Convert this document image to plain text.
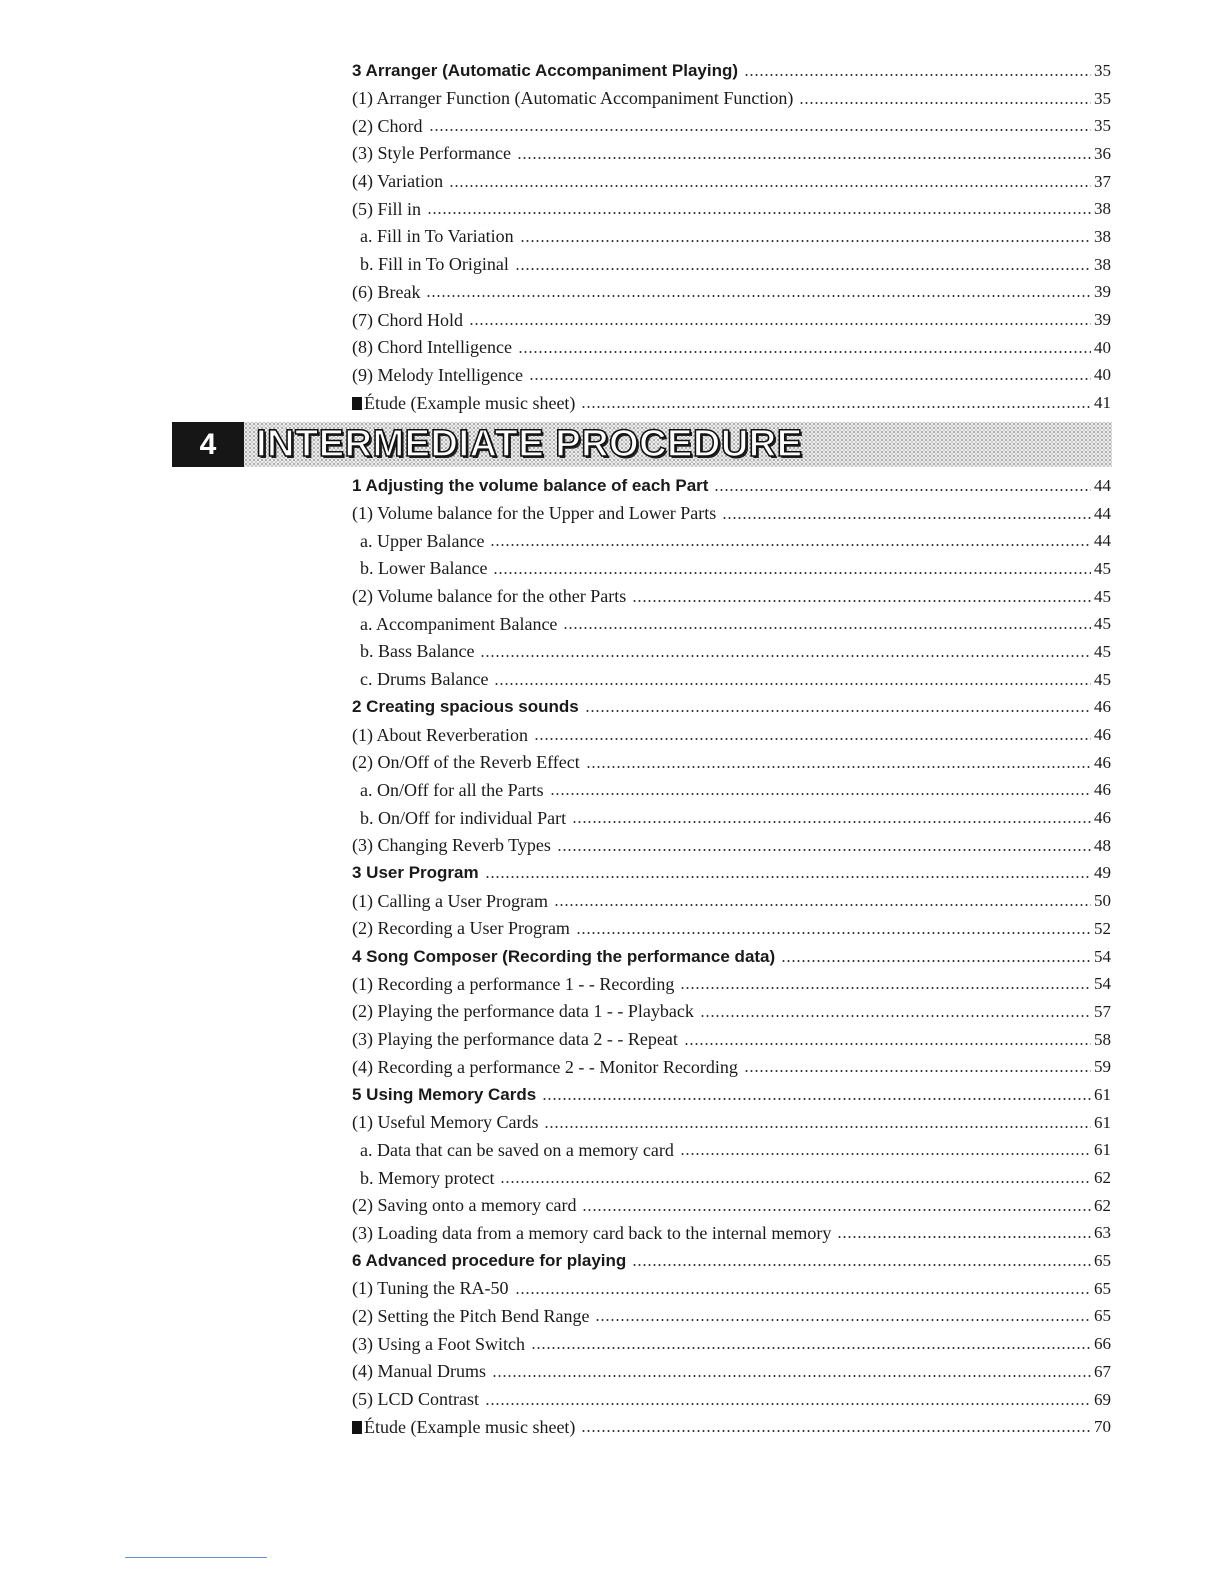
3 Arranger (Automatic Accompaniment Playing)	35
(1) Arranger Function (Automatic Accompaniment Function)	35
(2) Chord	35
(3) Style Performance	36
(4) Variation	37
(5) Fill in	38
a. Fill in To Variation	38
b. Fill in To Original	38
(6) Break	39
(7) Chord Hold	39
(8) Chord Intelligence	40
(9) Melody Intelligence	40
Étude (Example music sheet)	41
4 INTERMEDIATE PROCEDURE
1 Adjusting the volume balance of each Part	44
(1) Volume balance for the Upper and Lower Parts	44
a. Upper Balance	44
b. Lower Balance	45
(2) Volume balance for the other Parts	45
a. Accompaniment Balance	45
b. Bass Balance	45
c. Drums Balance	45
2 Creating spacious sounds	46
(1) About Reverberation	46
(2) On/Off of the Reverb Effect	46
a. On/Off for all the Parts	46
b. On/Off for individual Part	46
(3) Changing Reverb Types	48
3 User Program	49
(1) Calling a User Program	50
(2) Recording a User Program	52
4 Song Composer (Recording the performance data)	54
(1) Recording a performance 1 - - Recording	54
(2) Playing the performance data 1 - - Playback	57
(3) Playing the performance data 2 - - Repeat	58
(4) Recording a performance 2 - - Monitor Recording	59
5 Using Memory Cards	61
(1) Useful Memory Cards	61
a. Data that can be saved on a memory card	61
b. Memory protect	62
(2) Saving onto a memory card	62
(3) Loading data from a memory card back to the internal memory	63
6 Advanced procedure for playing	65
(1) Tuning the RA-50	65
(2) Setting the Pitch Bend Range	65
(3) Using a Foot Switch	66
(4) Manual Drums	67
(5) LCD Contrast	69
Étude (Example music sheet)	70
